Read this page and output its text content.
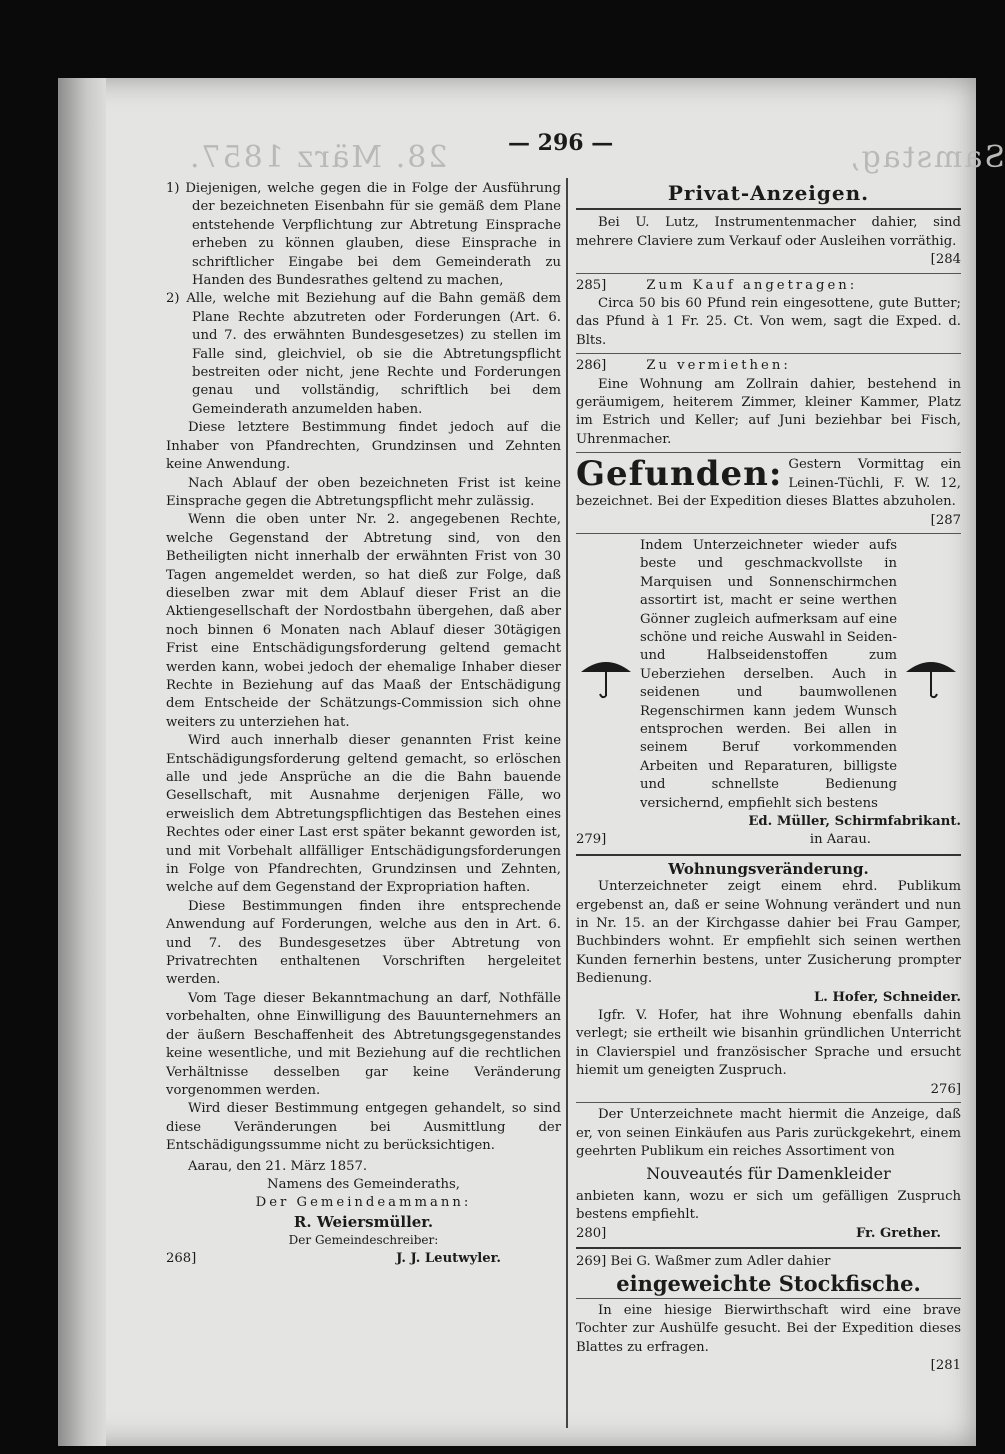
28. März 1857.	Samstag,
— 296 —

1) Diejenigen, welche gegen die in Folge der Ausführung der bezeichneten Eisenbahn für sie gemäß dem Plane entstehende Verpflichtung zur Abtretung Einsprache erheben zu können glauben, diese Einsprache in schriftlicher Eingabe bei dem Gemeinderath zu Handen des Bundesrathes geltend zu machen,

2) Alle, welche mit Beziehung auf die Bahn gemäß dem Plane Rechte abzutreten oder Forderungen (Art. 6. und 7. des erwähnten Bundesgesetzes) zu stellen im Falle sind, gleichviel, ob sie die Abtretungspflicht bestreiten oder nicht, jene Rechte und Forderungen genau und vollständig, schriftlich bei dem Gemeinderath anzumelden haben.

Diese letztere Bestimmung findet jedoch auf die Inhaber von Pfandrechten, Grundzinsen und Zehnten keine Anwendung.

Nach Ablauf der oben bezeichneten Frist ist keine Einsprache gegen die Abtretungspflicht mehr zulässig.

Wenn die oben unter Nr. 2. angegebenen Rechte, welche Gegenstand der Abtretung sind, von den Betheiligten nicht innerhalb der erwähnten Frist von 30 Tagen angemeldet werden, so hat dieß zur Folge, daß dieselben zwar mit dem Ablauf dieser Frist an die Aktiengesellschaft der Nordostbahn übergehen, daß aber noch binnen 6 Monaten nach Ablauf dieser 30tägigen Frist eine Entschädigungsforderung geltend gemacht werden kann, wobei jedoch der ehemalige Inhaber dieser Rechte in Beziehung auf das Maaß der Entschädigung dem Entscheide der Schätzungs-Commission sich ohne weiters zu unterziehen hat.

Wird auch innerhalb dieser genannten Frist keine Entschädigungsforderung geltend gemacht, so erlöschen alle und jede Ansprüche an die die Bahn bauende Gesellschaft, mit Ausnahme derjenigen Fälle, wo erweislich dem Abtretungspflichtigen das Bestehen eines Rechtes oder einer Last erst später bekannt geworden ist, und mit Vorbehalt allfälliger Entschädigungsforderungen in Folge von Pfandrechten, Grundzinsen und Zehnten, welche auf dem Gegenstand der Expropriation haften.

Diese Bestimmungen finden ihre entsprechende Anwendung auf Forderungen, welche aus den in Art. 6. und 7. des Bundesgesetzes über Abtretung von Privatrechten enthaltenen Vorschriften hergeleitet werden.

Vom Tage dieser Bekanntmachung an darf, Nothfälle vorbehalten, ohne Einwilligung des Bauunternehmers an der äußern Beschaffenheit des Abtretungsgegenstandes keine wesentliche, und mit Beziehung auf die rechtlichen Verhältnisse desselben gar keine Veränderung vorgenommen werden.

Wird dieser Bestimmung entgegen gehandelt, so sind diese Veränderungen bei Ausmittlung der Entschädigungssumme nicht zu berücksichtigen.

Aarau, den 21. März 1857.

Namens des Gemeinderaths,

Der Gemeindeammann:

R. Weiersmüller.

Der Gemeindeschreiber:

268]	J. J. Leutwyler.
Privat-Anzeigen.

Bei U. Lutz, Instrumentenmacher dahier, sind mehrere Claviere zum Verkauf oder Ausleihen vorräthig.

[284

285]	Zum Kauf angetragen:

Circa 50 bis 60 Pfund rein eingesottene, gute Butter; das Pfund à 1 Fr. 25. Ct. Von wem, sagt die Exped. d. Blts.

286]	Zu vermiethen:

Eine Wohnung am Zollrain dahier, bestehend in geräumigem, heiterem Zimmer, kleiner Kammer, Platz im Estrich und Keller; auf Juni beziehbar bei Fisch, Uhrenmacher.

Gefunden: Gestern Vormittag ein Leinen-Tüchli, F. W. 12, bezeichnet. Bei der Expedition dieses Blattes abzuholen.

[287

Indem Unterzeichneter wieder aufs beste und geschmackvollste in Marquisen und Sonnenschirmchen assortirt ist, macht er seine werthen Gönner zugleich aufmerksam auf eine schöne und reiche Auswahl in Seiden- und Halbseidenstoffen zum Ueberziehen derselben. Auch in seidenen und baumwollenen Regenschirmen kann jedem Wunsch entsprochen werden. Bei allen in seinem Beruf vorkommenden Arbeiten und Reparaturen, billigste und schnellste Bedienung versichernd, empfiehlt sich bestens

Ed. Müller, Schirmfabrikant.

279]	in Aarau.

Wohnungsveränderung.

Unterzeichneter zeigt einem ehrd. Publikum ergebenst an, daß er seine Wohnung verändert und nun in Nr. 15. an der Kirchgasse dahier bei Frau Gamper, Buchbinders wohnt. Er empfiehlt sich seinen werthen Kunden fernerhin bestens, unter Zusicherung prompter Bedienung.

L. Hofer, Schneider.

Igfr. V. Hofer, hat ihre Wohnung ebenfalls dahin verlegt; sie ertheilt wie bisanhin gründlichen Unterricht in Clavierspiel und französischer Sprache und ersucht hiemit um geneigten Zuspruch.

276]

Der Unterzeichnete macht hiermit die Anzeige, daß er, von seinen Einkäufen aus Paris zurückgekehrt, einem geehrten Publikum ein reiches Assortiment von

Nouveautés für Damenkleider

anbieten kann, wozu er sich um gefälligen Zuspruch bestens empfiehlt.

280]	Fr. Grether.

269] Bei G. Waßmer zum Adler dahier

eingeweichte Stockfische.

In eine hiesige Bierwirthschaft wird eine brave Tochter zur Aushülfe gesucht. Bei der Expedition dieses Blattes zu erfragen.

[281
